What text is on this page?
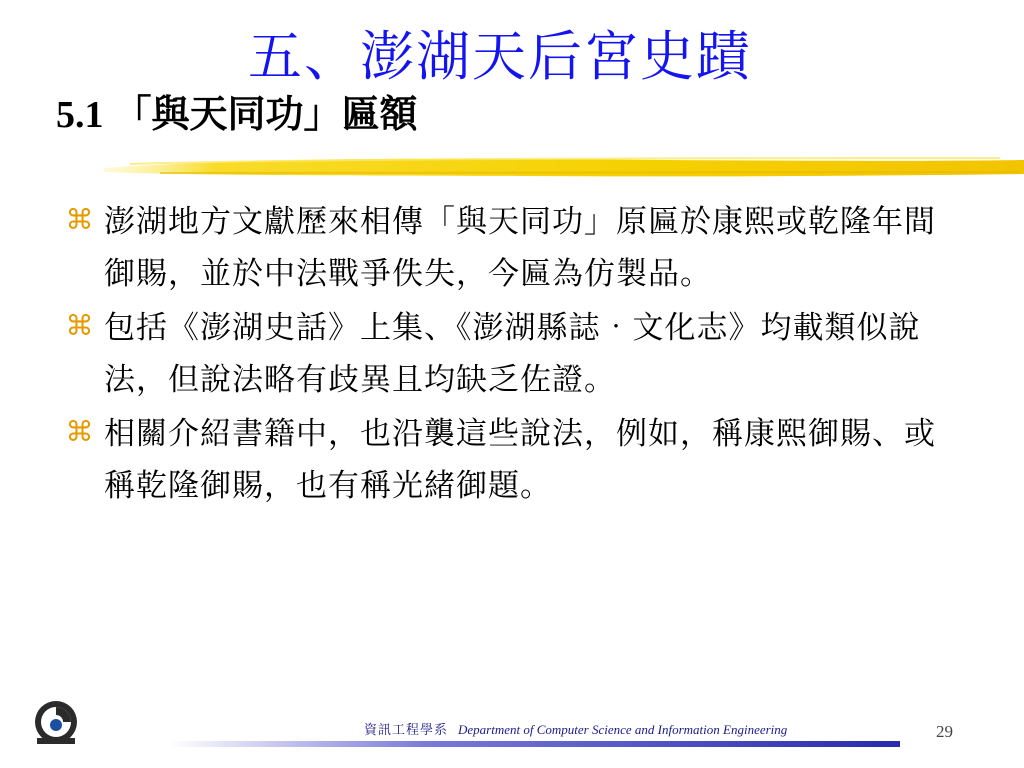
五、澎湖天后宮史蹟
5.1 「與天同功」匾額
⌘ 澎湖地方文獻歷來相傳「與天同功」原匾於康熙或乾隆年間御賜，並於中法戰爭佚失，今匾為仿製品。
⌘ 包括《澎湖史話》上集、《澎湖縣誌‧文化志》均載類似說法，但說法略有歧異且均缺乏佐證。
⌘ 相關介紹書籍中，也沿襲這些說法，例如，稱康熙御賜、或稱乾隆御賜，也有稱光緒御題。
資訊工程學系 Department of Computer Science and Information Engineering	29
